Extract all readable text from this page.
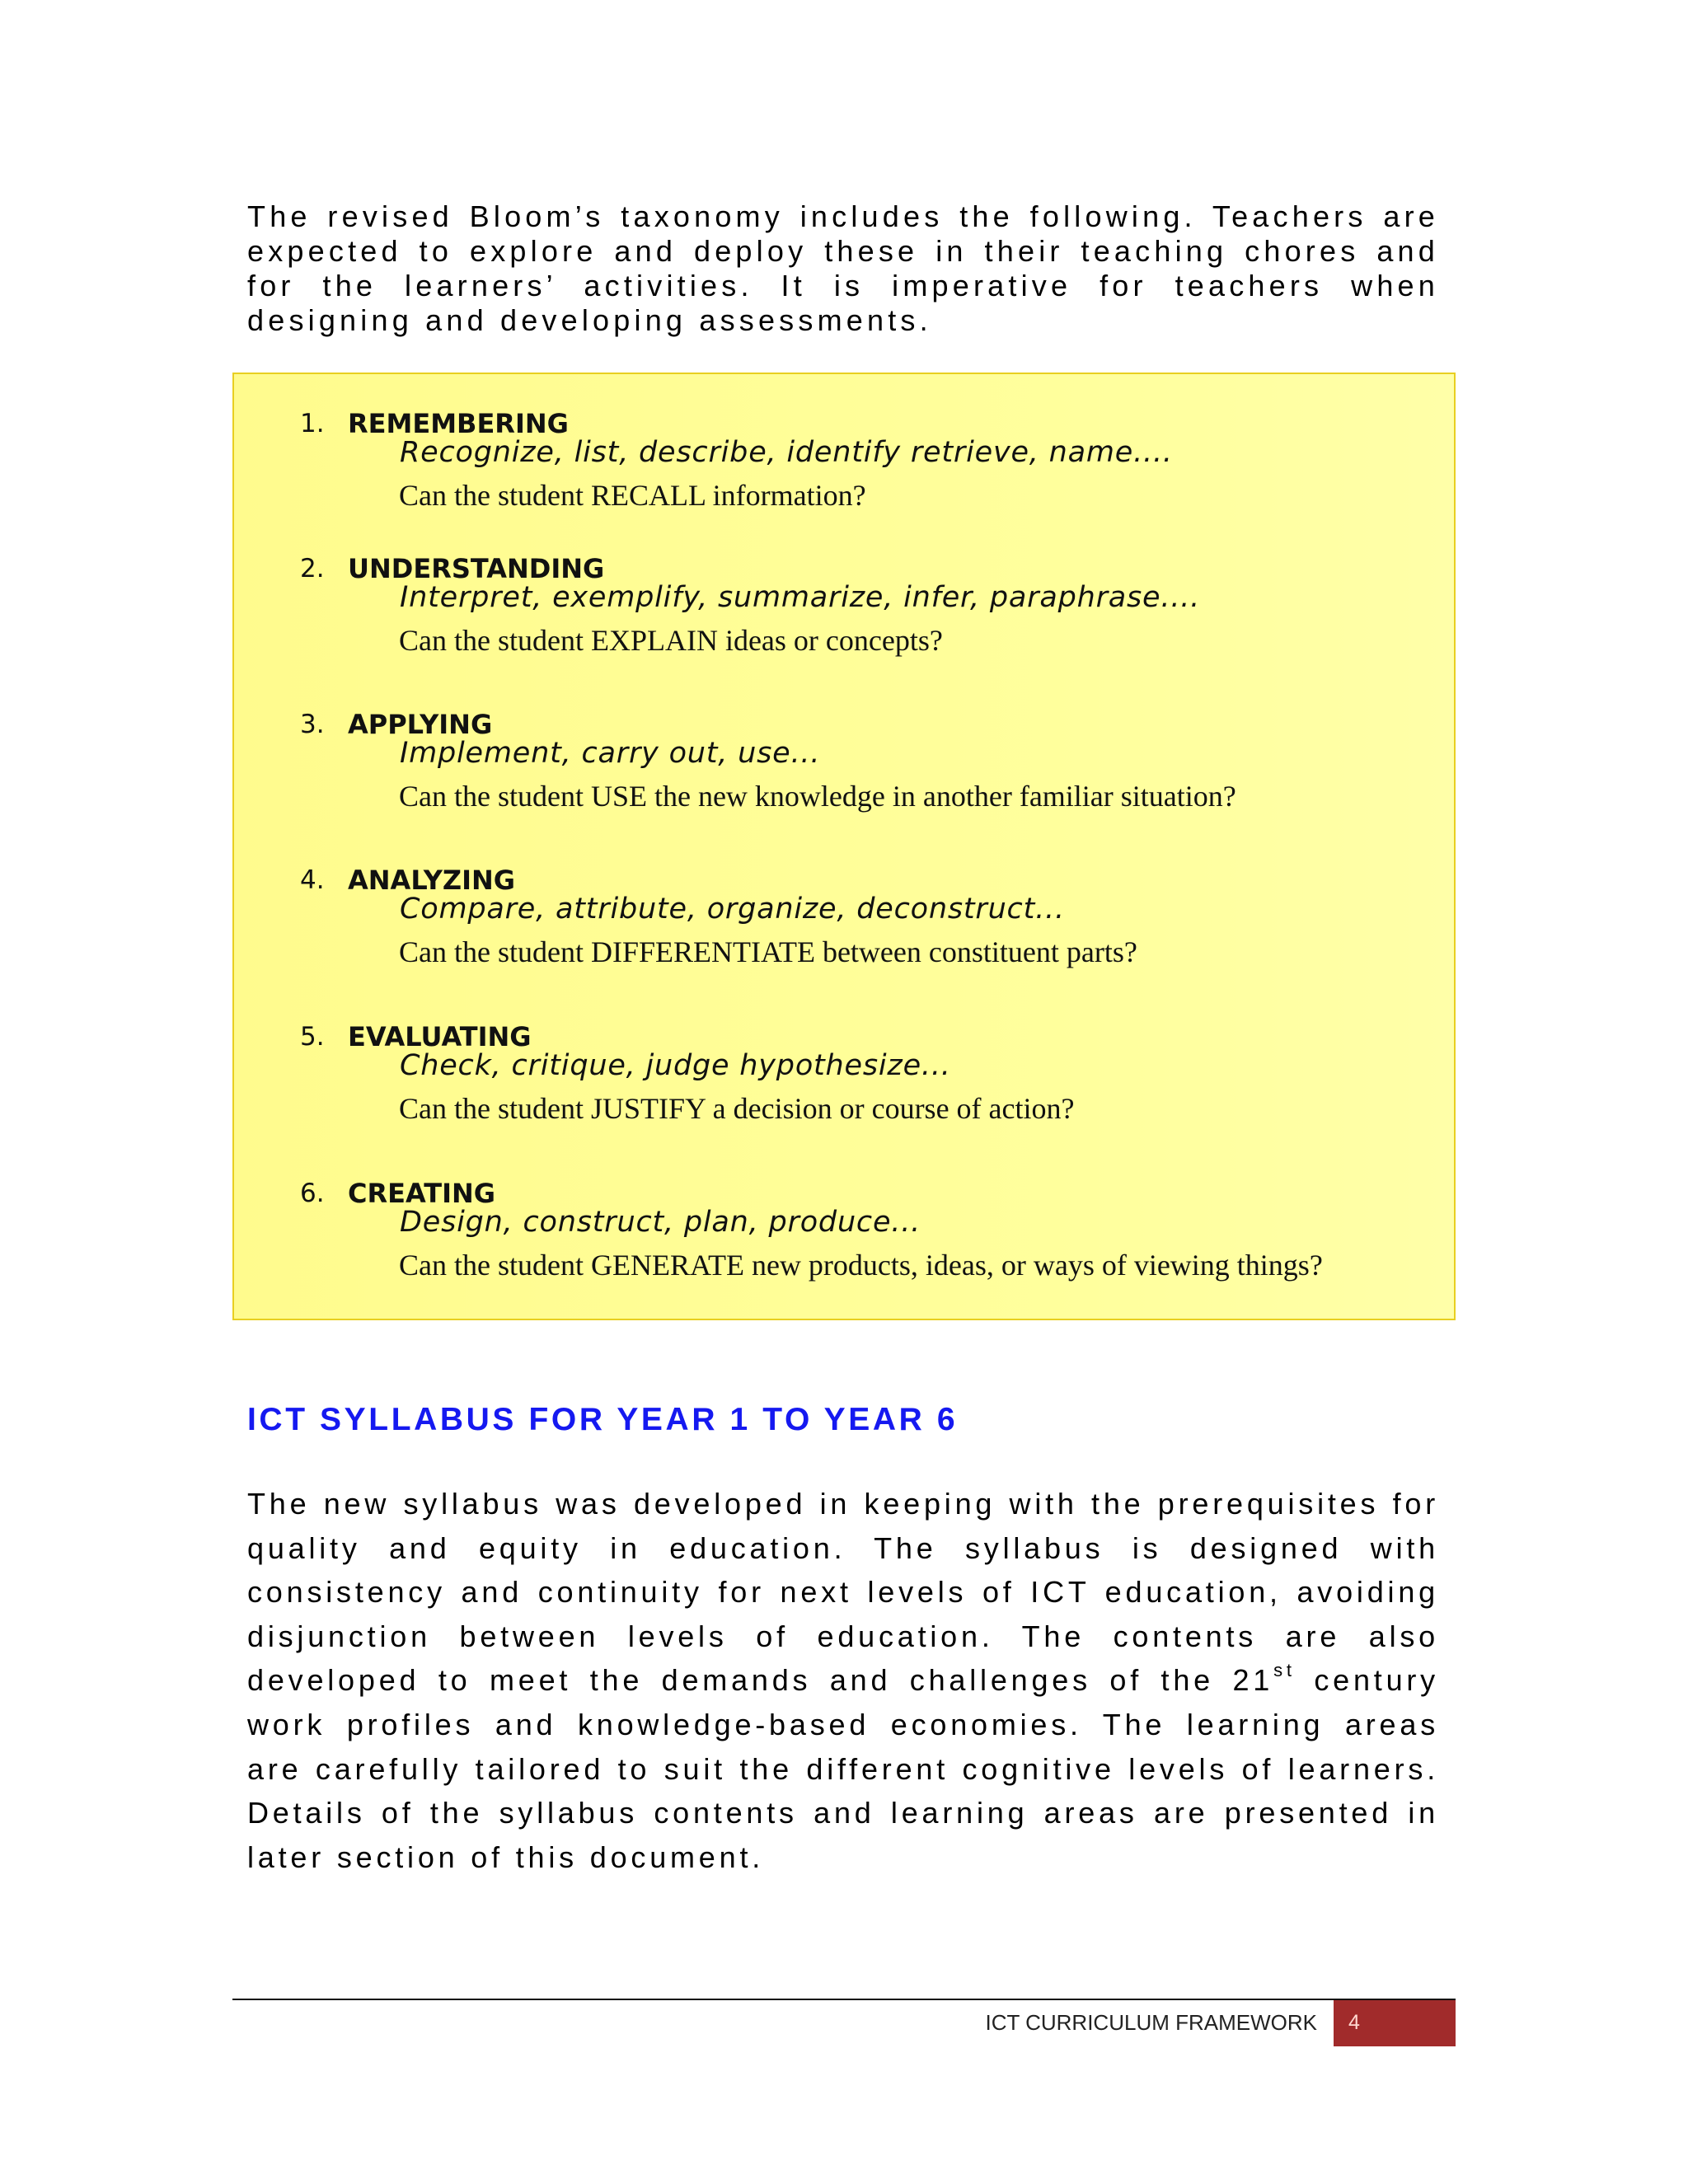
The revised Bloom’s taxonomy includes the following. Teachers are expected to explore and deploy these in their teaching chores and for the learners’ activities. It is imperative for teachers when designing and developing assessments.

1. REMEMBERING
Recognize, list, describe, identify retrieve, name....
Can the student RECALL information?
2. UNDERSTANDING
Interpret, exemplify, summarize, infer, paraphrase....
Can the student EXPLAIN ideas or concepts?
3. APPLYING
Implement, carry out, use...
Can the student USE the new knowledge in another familiar situation?
4. ANALYZING
Compare, attribute, organize, deconstruct...
Can the student DIFFERENTIATE between constituent parts?
5. EVALUATING
Check, critique, judge hypothesize...
Can the student JUSTIFY a decision or course of action?
6. CREATING
Design, construct, plan, produce...
Can the student GENERATE new products, ideas, or ways of viewing things?
ICT SYLLABUS FOR YEAR 1 TO YEAR 6

The new syllabus was developed in keeping with the prerequisites for quality and equity in education. The syllabus is designed with consistency and continuity for next levels of ICT education, avoiding disjunction between levels of education. The contents are also developed to meet the demands and challenges of the 21st century work profiles and knowledge-based economies. The learning areas are carefully tailored to suit the different cognitive levels of learners. Details of the syllabus contents and learning areas are presented in later section of this document.

ICT CURRICULUM FRAMEWORK 4
